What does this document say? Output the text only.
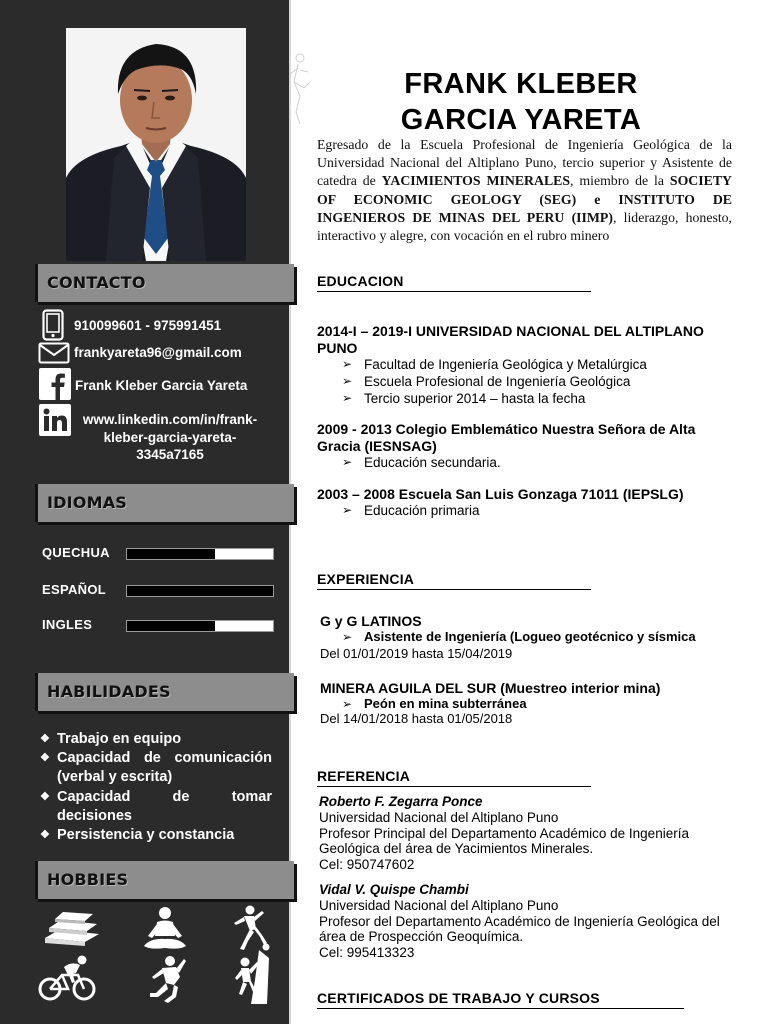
CONTACTO
910099601 - 975991451
frankyareta96@gmail.com
Frank Kleber Garcia Yareta
www.linkedin.com/in/frank-
kleber-garcia-yareta-
3345a7165
IDIOMAS
QUECHUA
ESPAÑOL
INGLES
HABILIDADES
❖ Trabajo en equipo
❖ Capacidad de comunicación (verbal y escrita)
❖ Capacidad de tomar decisiones
❖ Persistencia y constancia
HOBBIES
FRANK KLEBER
GARCIA YARETA
Egresado de la Escuela Profesional de Ingeniería Geológica de la Universidad Nacional del Altiplano Puno, tercio superior y Asistente de catedra de YACIMIENTOS MINERALES, miembro de la SOCIETY OF ECONOMIC GEOLOGY (SEG) e INSTITUTO DE INGENIEROS DE MINAS DEL PERU (IIMP), liderazgo, honesto, interactivo y alegre, con vocación en el rubro minero
EDUCACION
2014-I – 2019-I UNIVERSIDAD NACIONAL DEL ALTIPLANO PUNO
➢ Facultad de Ingeniería Geológica y Metalúrgica
➢ Escuela Profesional de Ingeniería Geológica
➢ Tercio superior 2014 – hasta la fecha
2009 - 2013 Colegio Emblemático Nuestra Señora de Alta Gracia (IESNSAG)
➢ Educación secundaria.
2003 – 2008 Escuela San Luis Gonzaga 71011 (IEPSLG)
➢ Educación primaria
EXPERIENCIA
G y G LATINOS
➢ Asistente de Ingeniería (Logueo geotécnico y sísmica
Del 01/01/2019 hasta 15/04/2019
MINERA AGUILA DEL SUR (Muestreo interior mina)
➢ Peón en mina subterránea
Del 14/01/2018 hasta 01/05/2018
REFERENCIA
Roberto F. Zegarra Ponce
Universidad Nacional del Altiplano Puno
Profesor Principal del Departamento Académico de Ingeniería Geológica del área de Yacimientos Minerales.
Cel: 950747602
Vidal V. Quispe Chambi
Universidad Nacional del Altiplano Puno
Profesor del Departamento Académico de Ingeniería Geológica del área de Prospección Geoquímica.
Cel: 995413323
CERTIFICADOS DE TRABAJO Y CURSOS
